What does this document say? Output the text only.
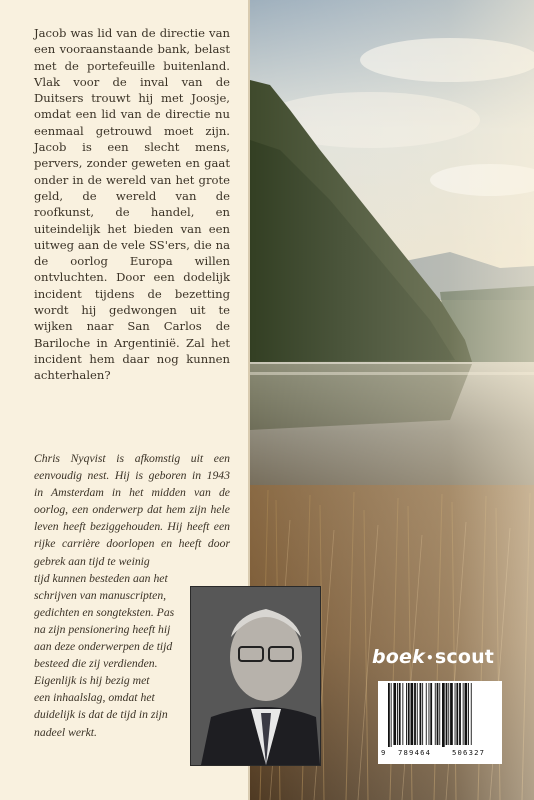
Jacob was lid van de directie van een vooraanstaande bank, belast met de portefeuille buitenland. Vlak voor de inval van de Duitsers trouwt hij met Joosje, omdat een lid van de directie nu eenmaal getrouwd moet zijn. Jacob is een slecht mens, pervers, zonder geweten en gaat onder in de wereld van het grote geld, de wereld van de roofkunst, de handel, en uiteindelijk het bieden van een uitweg aan de vele SS'ers, die na de oorlog Europa willen ontvluchten. Door een dodelijk incident tijdens de bezetting wordt hij gedwongen uit te wijken naar San Carlos de Bariloche in Argentinië. Zal het incident hem daar nog kunnen achterhalen?

Chris Nyqvist is afkomstig uit een
eenvoudig nest. Hij is geboren in 1943
in Amsterdam in het midden van de
oorlog, een onderwerp dat hem zijn hele
leven heeft beziggehouden. Hij heeft een
rijke carrière doorlopen en heeft door
gebrek aan tijd te weinig
tijd kunnen besteden aan het
schrijven van manuscripten,
gedichten en songteksten. Pas
na zijn pensionering heeft hij
aan deze onderwerpen de tijd
besteed die zij verdienden.
Eigenlijk is hij bezig met
een inhaalslag, omdat het
duidelijk is dat de tijd in zijn
nadeel werkt.
boek•scout
9 789464	506327
